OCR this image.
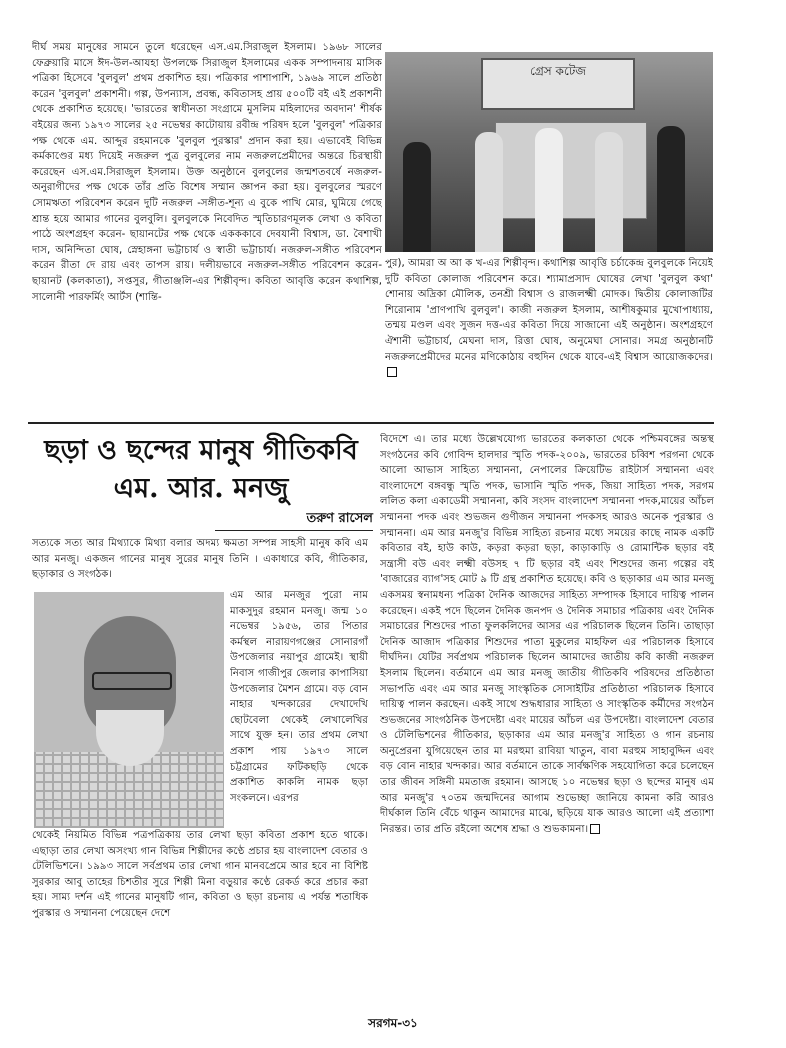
দীর্ঘ সময় মানুষের সামনে তুলে ধরেছেন এস.এম.সিরাজুল ইসলাম। ১৯৬৮ সালের ফেব্রুয়ারি মাসে ঈদ-উল-আযহা উপলক্ষে সিরাজুল ইসলামের একক সম্পাদনায় মাসিক পত্রিকা হিসেবে 'বুলবুল' প্রথম প্রকাশিত হয়। পত্রিকার পাশাপাশি, ১৯৬৯ সালে প্রতিষ্ঠা করেন 'বুলবুল' প্রকাশনী। গল্প, উপন্যাস, প্রবন্ধ, কবিতাসহ প্রায় ৫০০টি বই এই প্রকাশনী থেকে প্রকাশিত হয়েছে। 'ভারতের স্বাধীনতা সংগ্রামে মুসলিম মহিলাদের অবদান' শীর্ষক বইয়ের জন্য ১৯৭৩ সালের ২৫ নভেম্বর কাটোয়ায় রবীন্দ্র পরিষদ হলে 'বুলবুল' পত্রিকার পক্ষ থেকে এম. আব্দুর রহমানকে 'বুলবুল পুরস্কার' প্রদান করা হয়। এভাবেই বিভিন্ন কর্মকাণ্ডের মধ্য দিয়েই নজরুল পুত্র বুলবুলের নাম নজরুলপ্রেমীদের অন্তরে চিরস্থায়ী করেছেন এস.এম.সিরাজুল ইসলাম। উক্ত অনুষ্ঠানে বুলবুলের জন্মশতবর্ষে নজরুল-অনুরাগীদের পক্ষ থেকে তাঁর প্রতি বিশেষ সম্মান জ্ঞাপন করা হয়। বুলবুলের স্মরণে সোমঋতা পরিবেশন করেন দুটি নজরুল -সঙ্গীত-শূন্য এ বুকে পাখি মোর, ঘুমিয়ে গেছে শ্রান্ত হয়ে আমার গানের বুলবুলি। বুলবুলকে নিবেদিত স্মৃতিচারণমূলক লেখা ও কবিতা পাঠে অংশগ্রহণ করেন- ছায়ানটের পক্ষ থেকে একককাবে দেবযানী বিশ্বাস, ডা. বৈশাখী দাস, অনিন্দিতা ঘোষ, স্নেহাঙ্গনা ভট্টাচার্য ও স্বাতী ভট্টাচার্য। নজরুল-সঙ্গীত পরিবেশন করেন রীতা দে রায় এবং তাপস রায়। দলীয়ভাবে নজরুল-সঙ্গীত পরিবেশন করেন- ছায়ানট (কলকাতা), সপ্তসুর, গীতাঞ্জলি-এর শিল্পীবৃন্দ। কবিতা আবৃত্তি করেন কথাশিল্প, সালোনী পারফর্মিং আর্টস (শান্তি-

গ্রেস কটেজ

পুর), আমরা অ আ ক খ-এর শিল্পীবৃন্দ। কথাশিল্প আবৃত্তি চর্চাকেন্দ্র বুলবুলকে নিয়েই দুটি কবিতা কোলাজ পরিবেশন করে। শ্যামাপ্রসাদ ঘোষের লেখা 'বুলবুল কথা' শোনায় অদ্রিকা মৌলিক, তনশ্রী বিশ্বাস ও রাজলক্ষ্মী মোদক। দ্বিতীয় কোলাজটির শিরোনাম 'প্রাণপাখি বুলবুল'। কাজী নজরুল ইসলাম, আশীষকুমার মুখোপাধ্যায়, তন্ময় মণ্ডল এবং সুজন দত্ত-এর কবিতা দিয়ে সাজানো এই অনুষ্ঠান। অংশগ্রহণে ঐশানী ভট্টাচার্য, মেঘনা দাস, রিত্তা ঘোষ, অনুমেঘা সোনার। সমগ্র অনুষ্ঠানটি নজরুলপ্রেমীদের মনের মণিকোঠায় বহুদিন থেকে যাবে-এই বিশ্বাস আয়োজকদের।

ছড়া ও ছন্দের মানুষ গীতিকবি এম. আর. মনজু
তরুণ রাসেল

সত্যকে সত্য আর মিথ্যাকে মিথ্যা বলার অদম্য ক্ষমতা সম্পন্ন সাহসী মানুষ কবি এম আর মনজু। একজন গানের মানুষ সুরের মানুষ তিনি । একাধারে কবি, গীতিকার, ছড়াকার ও সংগঠক।

এম আর মনজুর পুরো নাম মাকসুদুর রহমান মনজু। জন্ম ১০ নভেম্বর ১৯৫৬, তার পিতার কর্মস্থল নারায়ণগঞ্জের সোনারগাঁ উপজেলার নয়াপুর গ্রামেই। স্থায়ী নিবাস গাজীপুর জেলার কাপাসিয়া উপজেলার মৈশন গ্রামে। বড় বোন নাহার খন্দকারের দেখাদেখি ছোটবেলা থেকেই লেখালেখির সাথে যুক্ত হন। তার প্রথম লেখা প্রকাশ পায় ১৯৭৩ সালে চট্টগ্রামের ফটিকছড়ি থেকে প্রকাশিত কাকলি নামক ছড়া সংকলনে। এরপর

থেকেই নিয়মিত বিভিন্ন পত্রপত্রিকায় তার লেখা ছড়া কবিতা প্রকাশ হতে থাকে। এছাড়া তার লেখা অসংখ্য গান বিভিন্ন শিল্পীদের কণ্ঠে প্রচার হয় বাংলাদেশ বেতার ও টেলিভিশনে। ১৯৯৩ সালে সর্বপ্রথম তার লেখা গান মানবপ্রেমে আর হবে না বিশিষ্ট সুরকার আবু তাহের চিশতীর সুরে শিল্পী মিনা বড়ুয়ার কণ্ঠে রেকর্ড করে প্রচার করা হয়। সাম্য দর্শন এই গানের মানুষটি গান, কবিতা ও ছড়া রচনায় এ পর্যন্ত শতাধিক পুরস্কার ও সম্মাননা পেয়েছেন দেশে

বিদেশে এ। তার মধ্যে উল্লেখযোগ্য ভারতের কলকাতা থেকে পশ্চিমবঙ্গের অন্তস্থ সংগঠনের কবি গোবিন্দ হালদার স্মৃতি পদক-২০০৯, ভারতের চব্বিশ পরগনা থেকে আলো আভাস সাহিত্য সম্মাননা, নেপালের ক্রিয়েটিভ রাইটার্স সম্মাননা এবং বাংলাদেশে বঙ্গবন্ধু স্মৃতি পদক, ভাসানি স্মৃতি পদক, জিয়া সাহিত্য পদক, সরগম ললিত কলা একাডেমী সম্মাননা, কবি সংসদ বাংলাদেশ সম্মাননা পদক,মায়ের আঁচল সম্মাননা পদক এবং শুভজন গুণীজন সম্মাননা পদকসহ আরও অনেক পুরস্কার ও সম্মাননা। এম আর মনজু'র বিভিন্ন সাহিত্য রচনার মধ্যে সময়ের কাছে নামক একটি কবিতার বই, হাউ কাউ, কড়রা কড়রা ছড়া, কাড়াকাড়ি ও রোমান্টিক ছড়ার বই সন্ত্রাসী বউ এবং লক্ষ্মী বউসহ ৭ টি ছড়ার বই এবং শিশুদের জন্য গল্পের বই 'বাজারের ব্যাগ'সহ মোট ৯ টি গ্রন্থ প্রকাশিত হয়েছে। কবি ও ছড়াকার এম আর মনজু একসময় স্বনামধন্য পত্রিকা দৈনিক আজদের সাহিত্য সম্পাদক হিসাবে দায়িত্ব পালন করেছেন। একই পদে ছিলেন দৈনিক জনপদ ও দৈনিক সমাচার পত্রিকায় এবং দৈনিক সমাচারের শিশুদের পাতা ফুলকলিদের আসর এর পরিচালক ছিলেন তিনি। তাছাড়া দৈনিক আজাদ পত্রিকার শিশুদের পাতা মুকুলের মাহফিল এর পরিচালক হিসাবে দীর্ঘদিন। যেটির সর্বপ্রথম পরিচালক ছিলেন আমাদের জাতীয় কবি কাজী নজরুল ইসলাম ছিলেন। বর্তমানে এম আর মনজু জাতীয় গীতিকবি পরিষদের প্রতিষ্ঠাতা সভাপতি এবং এম আর মনজু সাংস্কৃতিক সোসাইটির প্রতিষ্ঠাতা পরিচালক হিসাবে দায়িত্ব পালন করছেন। একই সাথে শুদ্ধধারার সাহিত্য ও সাংস্কৃতিক কর্মীদের সংগঠন শুভজনের সাংগঠনিক উপদেষ্টা এবং মায়ের আঁচল এর উপদেষ্টা। বাংলাদেশ বেতার ও টেলিভিশনের গীতিকার, ছড়াকার এম আর মনজু'র সাহিত্য ও গান রচনায় অনুপ্রেরনা যুগিয়েছেন তার মা মরহুমা রাবিয়া খাতুন, বাবা মরহুম সাহাবুদ্দিন এবং বড় বোন নাহার খন্দকার। আর বর্তমানে তাকে সার্বক্ষণিক সহযোগিতা করে চলেছেন তার জীবন সঙ্গিনী মমতাজ রহমান। আসছে ১০ নভেম্বর ছড়া ও ছন্দের মানুষ এম আর মনজু'র ৭০তম জন্মদিনের আগাম শুভেচ্ছা জানিয়ে কামনা করি আরও দীর্ঘকাল তিনি বেঁচে থাকুন আমাদের মাঝে, ছড়িয়ে যাক আরও আলো এই প্রত্যাশা নিরন্তর। তার প্রতি রইলো অশেষ শ্রদ্ধা ও শুভকামনা।

সরগম-৩১
